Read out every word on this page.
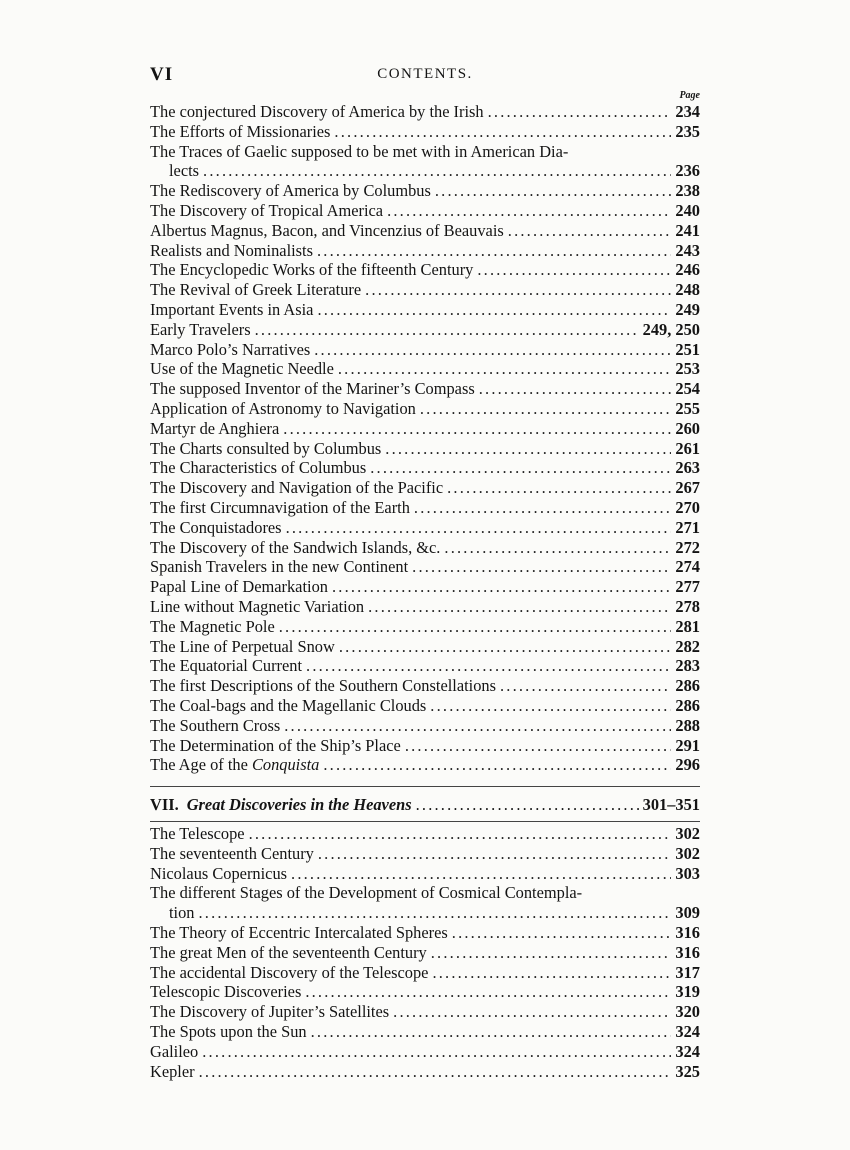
VI	CONTENTS.
Page
The conjectured Discovery of America by the Irish .....	234
The Efforts of Missionaries .....	235
The Traces of Gaelic supposed to be met with in American Dia-
lects .....	236
The Rediscovery of America by Columbus .....	238
The Discovery of Tropical America .....	240
Albertus Magnus, Bacon, and Vincenzius of Beauvais .....	241
Realists and Nominalists .....	243
The Encyclopedic Works of the fifteenth Century .....	246
The Revival of Greek Literature .....	248
Important Events in Asia .....	249
Early Travelers .....	249, 250
Marco Polo’s Narratives .....	251
Use of the Magnetic Needle .....	253
The supposed Inventor of the Mariner’s Compass .....	254
Application of Astronomy to Navigation .....	255
Martyr de Anghiera .....	260
The Charts consulted by Columbus .....	261
The Characteristics of Columbus .....	263
The Discovery and Navigation of the Pacific .....	267
The first Circumnavigation of the Earth .....	270
The Conquistadores .....	271
The Discovery of the Sandwich Islands, &c. .....	272
Spanish Travelers in the new Continent .....	274
Papal Line of Demarkation .....	277
Line without Magnetic Variation .....	278
The Magnetic Pole .....	281
The Line of Perpetual Snow .....	282
The Equatorial Current .....	283
The first Descriptions of the Southern Constellations .....	286
The Coal-bags and the Magellanic Clouds .....	286
The Southern Cross .....	288
The Determination of the Ship’s Place .....	291
The Age of the Conquista .....	296
VII. Great Discoveries in the Heavens .....	301–351
The Telescope .....	302
The seventeenth Century .....	302
Nicolaus Copernicus .....	303
The different Stages of the Development of Cosmical Contempla-
tion .....	309
The Theory of Eccentric Intercalated Spheres .....	316
The great Men of the seventeenth Century .....	316
The accidental Discovery of the Telescope .....	317
Telescopic Discoveries .....	319
The Discovery of Jupiter’s Satellites .....	320
The Spots upon the Sun .....	324
Galileo .....	324
Kepler .....	325
